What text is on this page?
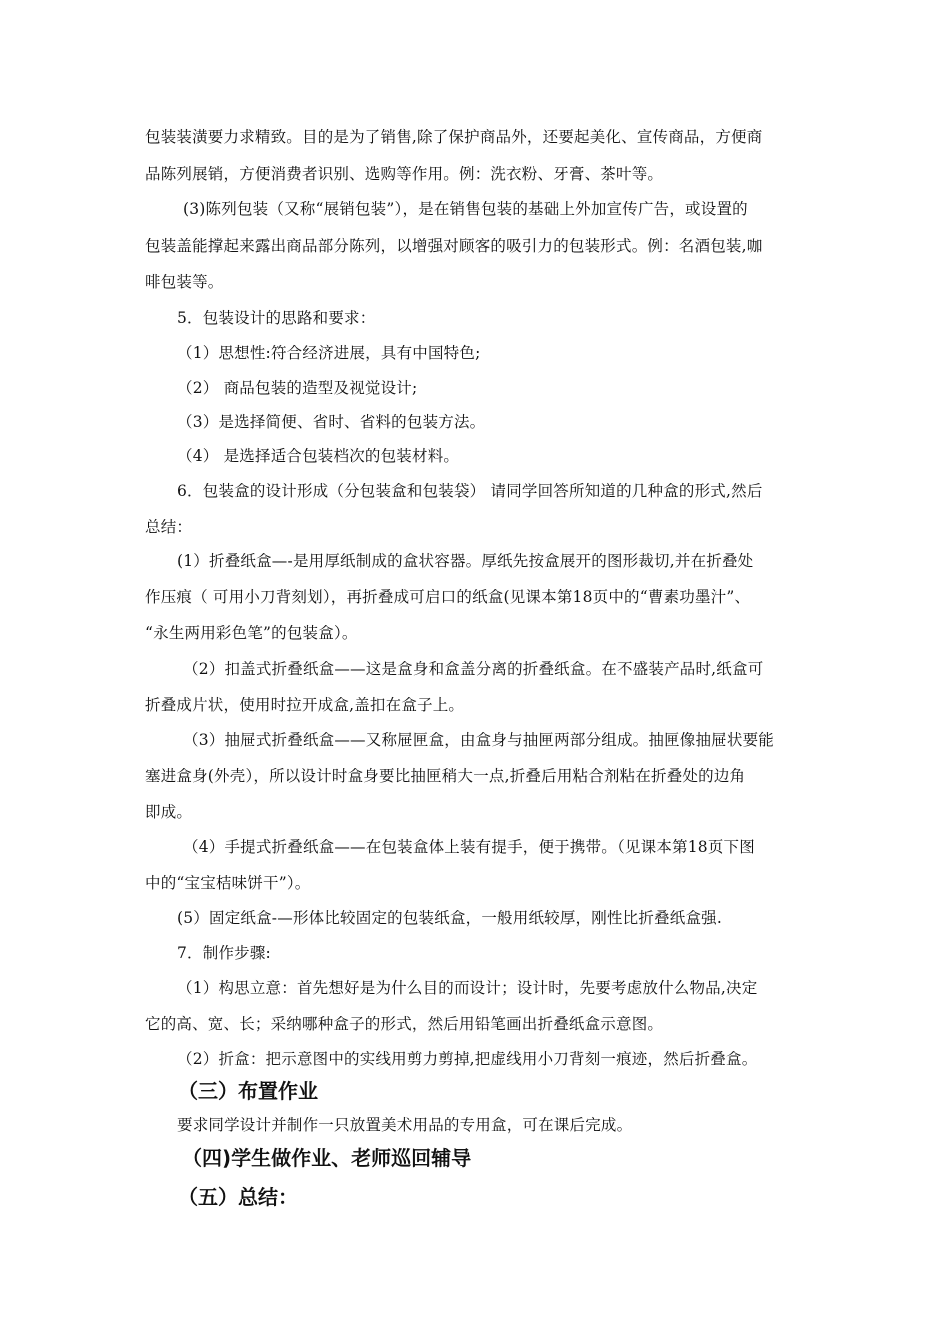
包装装潢要力求精致。目的是为了销售,除了保护商品外，还要起美化、宣传商品，方便商

品陈列展销，方便消费者识别、选购等作用。例：洗衣粉、牙膏、茶叶等。

(3)陈列包装（又称“展销包装”），是在销售包装的基础上外加宣传广告，或设置的

包装盖能撑起来露出商品部分陈列，以增强对顾客的吸引力的包装形式。例：名酒包装,咖

啡包装等。

5．包装设计的思路和要求：

（1）思想性:符合经济进展，具有中国特色;

（2） 商品包装的造型及视觉设计;

（3）是选择简便、省时、省料的包装方法。

（4） 是选择适合包装档次的包装材料。

6．包装盒的设计形成（分包装盒和包装袋） 请同学回答所知道的几种盒的形式,然后

总结：

(1）折叠纸盒—-是用厚纸制成的盒状容器。厚纸先按盒展开的图形裁切,并在折叠处

作压痕（ 可用小刀背刻划），再折叠成可启口的纸盒(见课本第18页中的“曹素功墨汁”、

“永生两用彩色笔”的包装盒）。

（2）扣盖式折叠纸盒——这是盒身和盒盖分离的折叠纸盒。在不盛装产品时,纸盒可

折叠成片状，使用时拉开成盒,盖扣在盒子上。

（3）抽屉式折叠纸盒——又称屉匣盒，由盒身与抽匣两部分组成。抽匣像抽屉状要能

塞进盒身(外壳），所以设计时盒身要比抽匣稍大一点,折叠后用粘合剂粘在折叠处的边角

即成。

（4）手提式折叠纸盒——在包装盒体上装有提手，便于携带。（见课本第18页下图

中的“宝宝桔味饼干”）。

(5）固定纸盒-—形体比较固定的包装纸盒，一般用纸较厚，刚性比折叠纸盒强.

7．制作步骤:

（1）构思立意：首先想好是为什么目的而设计；设计时，先要考虑放什么物品,决定

它的高、宽、长；采纳哪种盒子的形式，然后用铅笔画出折叠纸盒示意图。

（2）折盒：把示意图中的实线用剪力剪掉,把虚线用小刀背刻一痕迹，然后折叠盒。

（三）布置作业

要求同学设计并制作一只放置美术用品的专用盒，可在课后完成。

（四)学生做作业、老师巡回辅导
（五）总结：
